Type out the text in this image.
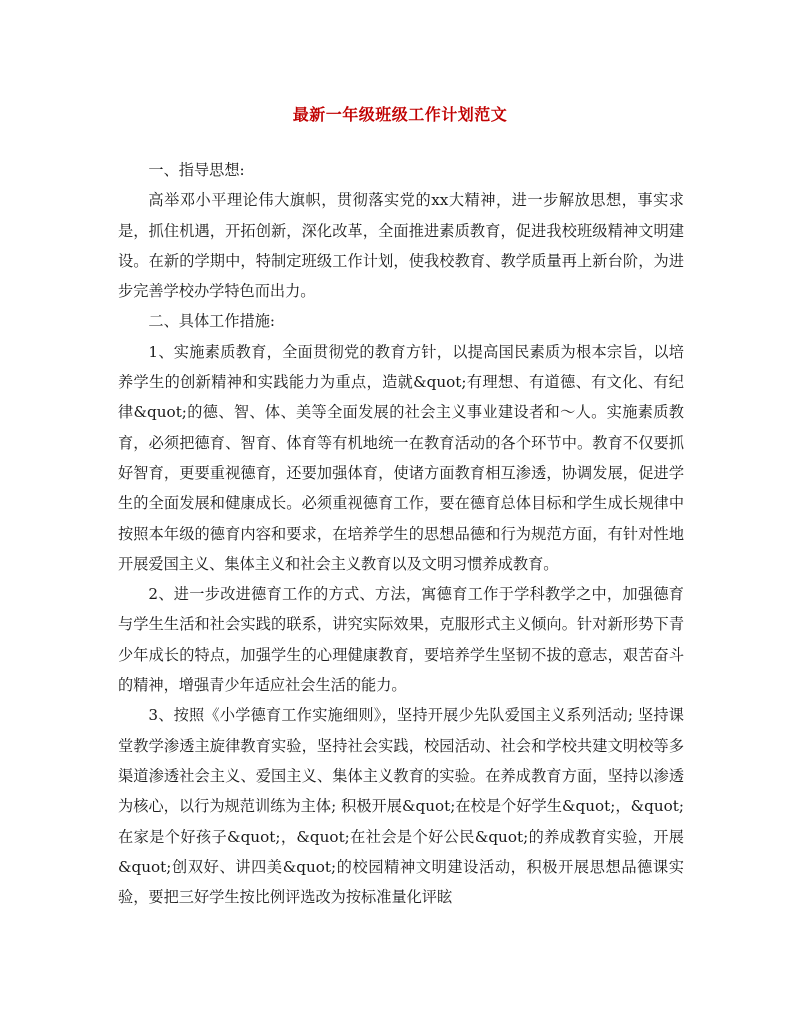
最新一年级班级工作计划范文

一、指导思想:

高举邓小平理论伟大旗帜，贯彻落实党的xx大精神，进一步解放思想，事实求是，抓住机遇，开拓创新，深化改革，全面推进素质教育，促进我校班级精神文明建设。在新的学期中，特制定班级工作计划，使我校教育、教学质量再上新台阶，为进步完善学校办学特色而出力。

二、具体工作措施:

1、实施素质教育，全面贯彻党的教育方针，以提高国民素质为根本宗旨，以培养学生的创新精神和实践能力为重点，造就&quot;有理想、有道德、有文化、有纪律&quot;的德、智、体、美等全面发展的社会主义事业建设者和～人。实施素质教育，必须把德育、智育、体育等有机地统一在教育活动的各个环节中。教育不仅要抓好智育，更要重视德育，还要加强体育，使诸方面教育相互渗透，协调发展，促进学生的全面发展和健康成长。必须重视德育工作，要在德育总体目标和学生成长规律中按照本年级的德育内容和要求，在培养学生的思想品德和行为规范方面，有针对性地开展爱国主义、集体主义和社会主义教育以及文明习惯养成教育。

2、进一步改进德育工作的方式、方法，寓德育工作于学科教学之中，加强德育与学生生活和社会实践的联系，讲究实际效果，克服形式主义倾向。针对新形势下青少年成长的特点，加强学生的心理健康教育，要培养学生坚韧不拔的意志，艰苦奋斗的精神，增强青少年适应社会生活的能力。

3、按照《小学德育工作实施细则》，坚持开展少先队爱国主义系列活动; 坚持课堂教学渗透主旋律教育实验，坚持社会实践，校园活动、社会和学校共建文明校等多渠道渗透社会主义、爱国主义、集体主义教育的实验。在养成教育方面，坚持以渗透为核心，以行为规范训练为主体; 积极开展&quot;在校是个好学生&quot;，&quot;在家是个好孩子&quot;，&quot;在社会是个好公民&quot;的养成教育实验，开展&quot;创双好、讲四美&quot;的校园精神文明建设活动，积极开展思想品德课实验，要把三好学生按比例评选改为按标准量化评眩
